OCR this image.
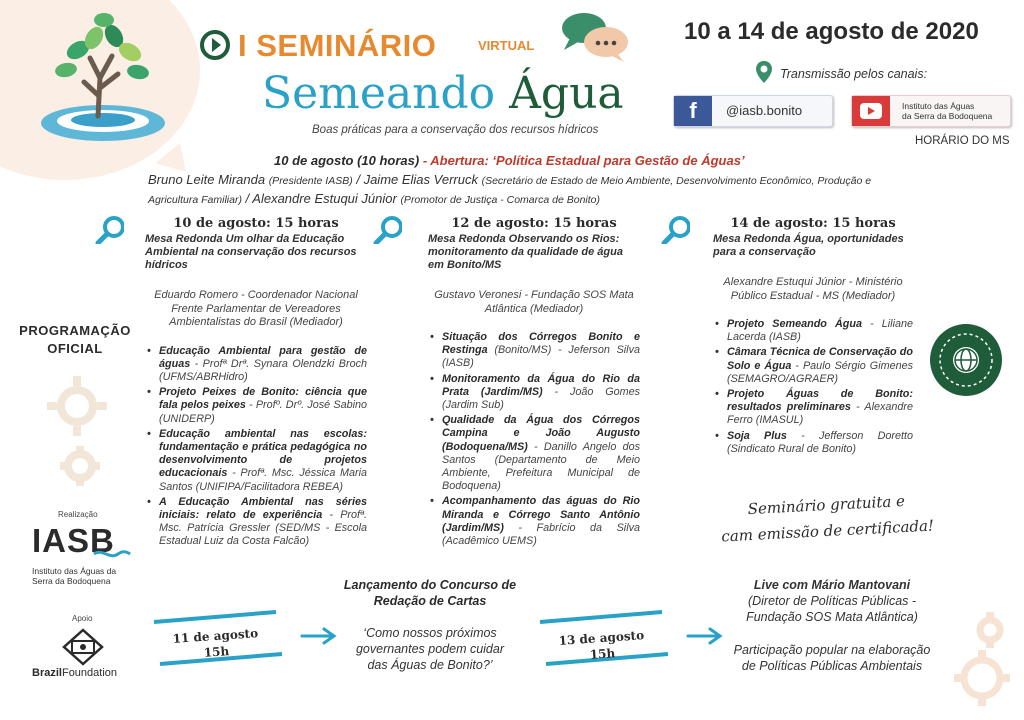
I SEMINÁRIO	VIRTUAL
Semeando Água
Boas práticas para a conservação dos recursos hídricos
10 a 14 de agosto de 2020
Transmissão pelos canais:
f	@iasb.bonito	Instituto das Águas
da Serra da Bodoquena
HORÁRIO DO MS
10 de agosto (10 horas) - Abertura: ‘Política Estadual para Gestão de Águas’
Bruno Leite Miranda (Presidente IASB) / Jaime Elias Verruck (Secretário de Estado de Meio Ambiente, Desenvolvimento Econômico, Produção e Agricultura Familiar) / Alexandre Estuqui Júnior (Promotor de Justiça - Comarca de Bonito)
PROGRAMAÇÃO OFICIAL
Realização
IASB
Instituto das Águas da Serra da Bodoquena
Apoio
BrazilFoundation
10 de agosto: 15 horas
Mesa Redonda Um olhar da Educação Ambiental na conservação dos recursos hídricos
Eduardo Romero - Coordenador Nacional Frente Parlamentar de Vereadores Ambientalistas do Brasil (Mediador)
• Educação Ambiental para gestão de águas - Profª Drª. Synara Olendzki Broch (UFMS/ABRHidro)
• Projeto Peixes de Bonito: ciência que fala pelos peixes - Profº. Drº. José Sabino (UNIDERP)
• Educação ambiental nas escolas: fundamentação e prática pedagógica no desenvolvimento de projetos educacionais - Profª. Msc. Jéssica Maria Santos (UNIFIPA/Facilitadora REBEA)
• A Educação Ambiental nas séries iniciais: relato de experiência - Profª. Msc. Patrícia Gressler (SED/MS - Escola Estadual Luiz da Costa Falcão)
12 de agosto: 15 horas
Mesa Redonda Observando os Rios: monitoramento da qualidade de água em Bonito/MS
Gustavo Veronesi - Fundação SOS Mata Atlântica (Mediador)
• Situação dos Córregos Bonito e Restinga (Bonito/MS) - Jeferson Silva (IASB)
• Monitoramento da Água do Rio da Prata (Jardim/MS) - João Gomes (Jardim Sub)
• Qualidade da Água dos Córregos Campina e João Augusto (Bodoquena/MS) - Danillo Angelo dos Santos (Departamento de Meio Ambiente, Prefeitura Municipal de Bodoquena)
• Acompanhamento das águas do Rio Miranda e Córrego Santo Antônio (Jardim/MS) - Fabrício da Silva (Acadêmico UEMS)
14 de agosto: 15 horas
Mesa Redonda Água, oportunidades para a conservação
Alexandre Estuqui Júnior - Ministério Público Estadual - MS (Mediador)
• Projeto Semeando Água - Liliane Lacerda (IASB)
• Câmara Técnica de Conservação do Solo e Água - Paulo Sérgio Gimenes (SEMAGRO/AGRAER)
• Projeto Águas de Bonito: resultados preliminares - Alexandre Ferro (IMASUL)
• Soja Plus - Jefferson Doretto (Sindicato Rural de Bonito)
Seminário gratuita e
cam emissão de certificada!
11 de agosto
15h
Lançamento do Concurso de Redação de Cartas
‘Como nossos próximos governantes podem cuidar das Águas de Bonito?’
13 de agosto
15h
Live com Mário Mantovani
(Diretor de Políticas Públicas - Fundação SOS Mata Atlântica)
Participação popular na elaboração de Políticas Públicas Ambientais
